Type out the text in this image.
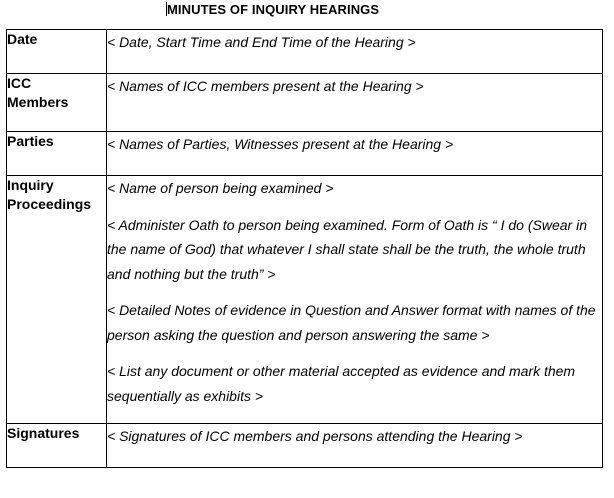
MINUTES OF INQUIRY HEARINGS
Date	< Date, Start Time and End Time of the Hearing >

ICC Members	< Names of ICC members present at the Hearing >

Parties	< Names of Parties, Witnesses present at the Hearing >

Inquiry Proceedings	< Name of person being examined >

< Administer Oath to person being examined. Form of Oath is “ I do (Swear in the name of God) that whatever I shall state shall be the truth, the whole truth and nothing but the truth” >

< Detailed Notes of evidence in Question and Answer format with names of the person asking the question and person answering the same >

< List any document or other material accepted as evidence and mark them sequentially as exhibits >

Signatures	< Signatures of ICC members and persons attending the Hearing >
